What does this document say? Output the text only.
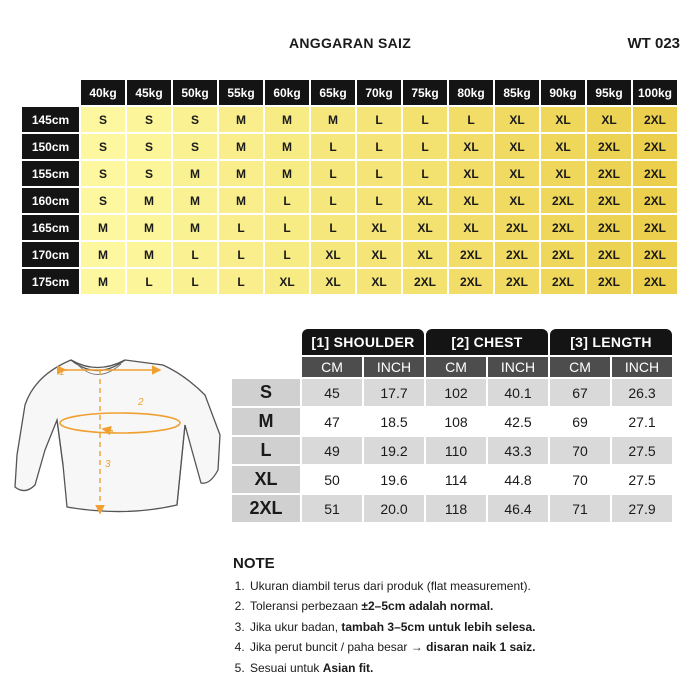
ANGGARAN SAIZ	WT 023
	40kg	45kg	50kg	55kg	60kg	65kg	70kg	75kg	80kg	85kg	90kg	95kg	100kg
145cm	S	S	S	M	M	M	L	L	L	XL	XL	XL	2XL
150cm	S	S	S	M	M	L	L	L	XL	XL	XL	2XL	2XL
155cm	S	S	M	M	M	L	L	L	XL	XL	XL	2XL	2XL
160cm	S	M	M	M	L	L	L	XL	XL	XL	2XL	2XL	2XL
165cm	M	M	M	L	L	L	XL	XL	XL	2XL	2XL	2XL	2XL
170cm	M	M	L	L	L	XL	XL	XL	2XL	2XL	2XL	2XL	2XL
175cm	M	L	L	L	XL	XL	XL	2XL	2XL	2XL	2XL	2XL	2XL
	[1] SHOULDER		[2] CHEST		[3] LENGTH	
	CM	INCH	CM	INCH	CM	INCH
S	45	17.7	102	40.1	67	26.3
M	47	18.5	108	42.5	69	27.1
L	49	19.2	110	43.3	70	27.5
XL	50	19.6	114	44.8	70	27.5
2XL	51	20.0	118	46.4	71	27.9
1
2
3
NOTE
1. Ukuran diambil terus dari produk (flat measurement).
2. Toleransi perbezaan ±2–5cm adalah normal.
3. Jika ukur badan, tambah 3–5cm untuk lebih selesa.
4. Jika perut buncit / paha besar → disaran naik 1 saiz.
5. Sesuai untuk Asian fit.
